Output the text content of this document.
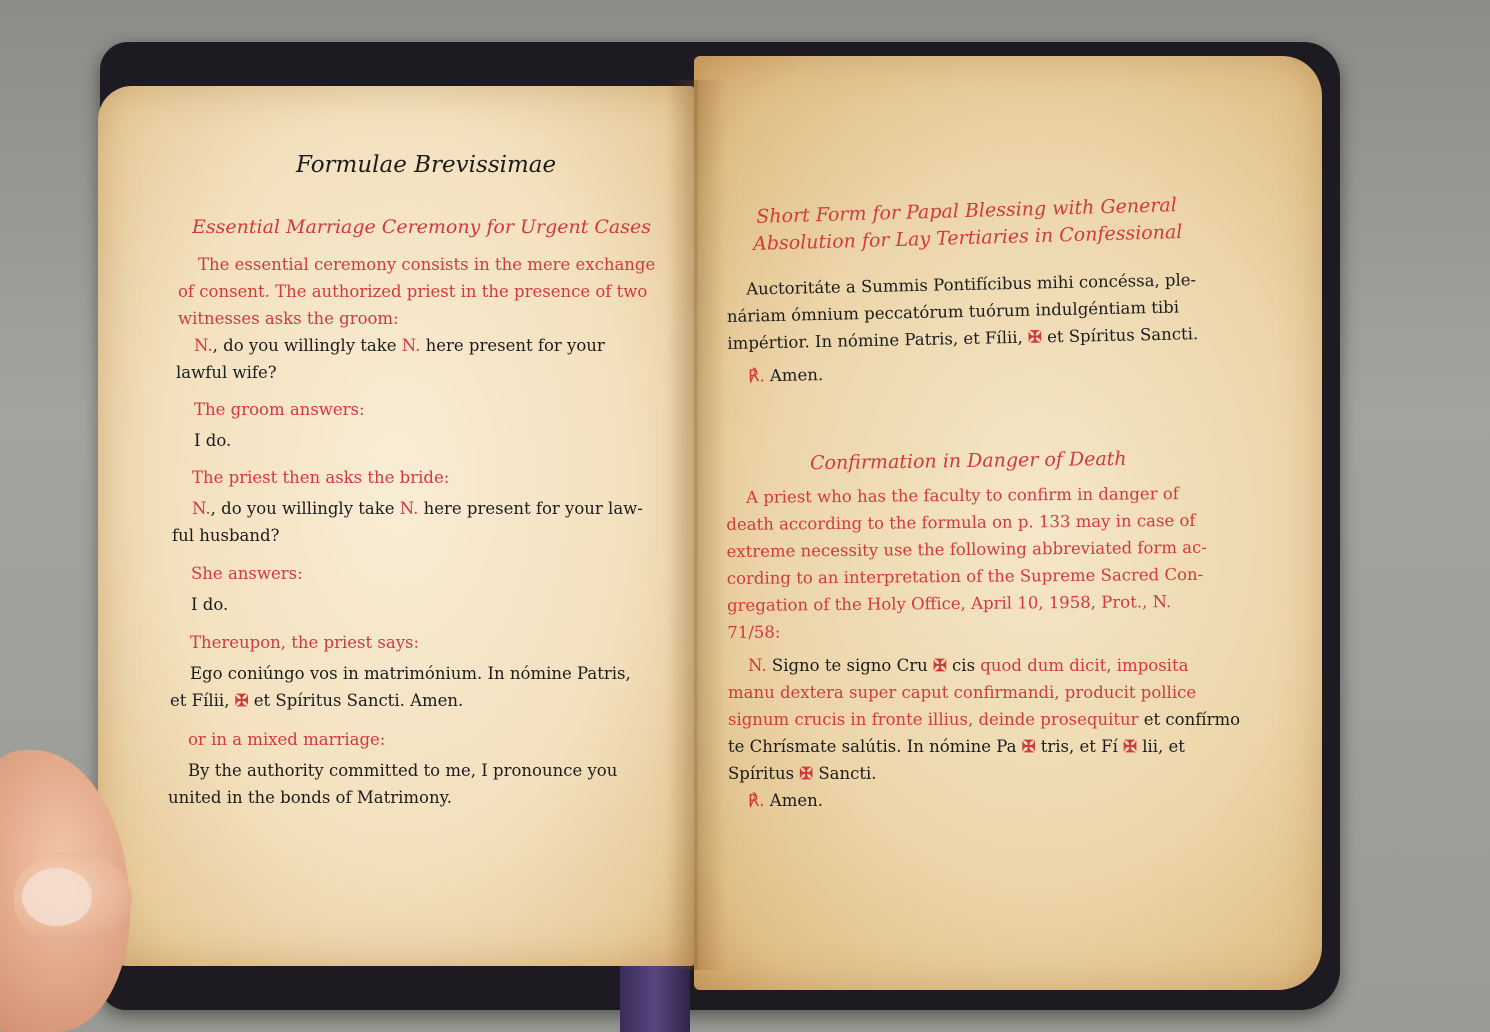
Formulae Brevissimae
Essential Marriage Ceremony for Urgent Cases

The essential ceremony consists in the mere exchange

of consent. The authorized priest in the presence of two

witnesses asks the groom:

N., do you willingly take N. here present for your

lawful wife?

The groom answers:
I do.
The priest then asks the bride:

N., do you willingly take N. here present for your law-

ful husband?

She answers:
I do.
Thereupon, the priest says:

Ego coniúngo vos in matrimónium. In nómine Patris,

et Fílii, ✠ et Spíritus Sancti. Amen.

or in a mixed marriage:

By the authority committed to me, I pronounce you

united in the bonds of Matrimony.

Short Form for Papal Blessing with General

Absolution for Lay Tertiaries in Confessional

Auctoritáte a Summis Pontifícibus mihi concéssa, ple-

náriam ómnium peccatórum tuórum indulgéntiam tibi

impértior. In nómine Patris, et Fílii, ✠ et Spíritus Sancti.

℟. Amen.

Confirmation in Danger of Death

A priest who has the faculty to confirm in danger of

death according to the formula on p. 133 may in case of

extreme necessity use the following abbreviated form ac-

cording to an interpretation of the Supreme Sacred Con-

gregation of the Holy Office, April 10, 1958, Prot., N.

71/58:

N. Signo te signo Cru ✠ cis quod dum dicit, imposita

manu dextera super caput confirmandi, producit pollice

signum crucis in fronte illius, deinde prosequitur et confírmo

te Chrísmate salútis. In nómine Pa ✠ tris, et Fí ✠ lii, et

Spíritus ✠ Sancti.

℟. Amen.
